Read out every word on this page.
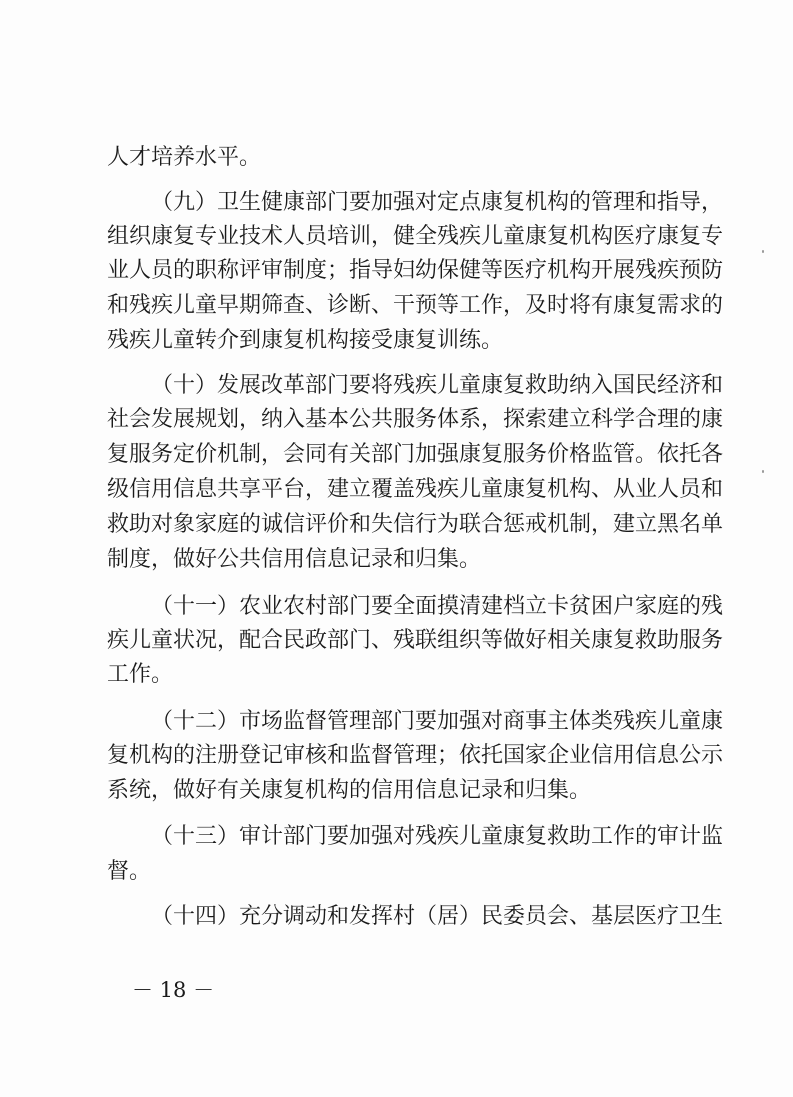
人才培养水平。
（九）卫生健康部门要加强对定点康复机构的管理和指导，
组织康复专业技术人员培训，健全残疾儿童康复机构医疗康复专
业人员的职称评审制度；指导妇幼保健等医疗机构开展残疾预防
和残疾儿童早期筛查、诊断、干预等工作，及时将有康复需求的
残疾儿童转介到康复机构接受康复训练。
（十）发展改革部门要将残疾儿童康复救助纳入国民经济和
社会发展规划，纳入基本公共服务体系，探索建立科学合理的康
复服务定价机制，会同有关部门加强康复服务价格监管。依托各
级信用信息共享平台，建立覆盖残疾儿童康复机构、从业人员和
救助对象家庭的诚信评价和失信行为联合惩戒机制，建立黑名单
制度，做好公共信用信息记录和归集。
（十一）农业农村部门要全面摸清建档立卡贫困户家庭的残
疾儿童状况，配合民政部门、残联组织等做好相关康复救助服务
工作。
（十二）市场监督管理部门要加强对商事主体类残疾儿童康
复机构的注册登记审核和监督管理；依托国家企业信用信息公示
系统，做好有关康复机构的信用信息记录和归集。
（十三）审计部门要加强对残疾儿童康复救助工作的审计监
督。
（十四）充分调动和发挥村（居）民委员会、基层医疗卫生
－ 18 －
